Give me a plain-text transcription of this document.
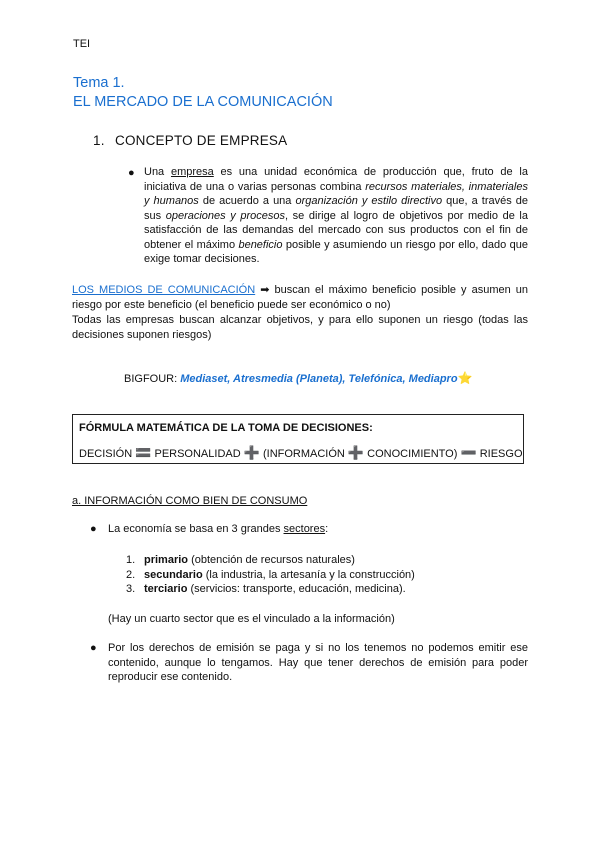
TEI
Tema 1.
EL MERCADO DE LA COMUNICACIÓN
1. CONCEPTO DE EMPRESA
● Una empresa es una unidad económica de producción que, fruto de la iniciativa de una o varias personas combina recursos materiales, inmateriales y humanos de acuerdo a una organización y estilo directivo que, a través de sus operaciones y procesos, se dirige al logro de objetivos por medio de la satisfacción de las demandas del mercado con sus productos con el fin de obtener el máximo beneficio posible y asumiendo un riesgo por ello, dado que exige tomar decisiones.
LOS MEDIOS DE COMUNICACIÓN ➡ buscan el máximo beneficio posible y asumen un riesgo por este beneficio (el beneficio puede ser económico o no)
Todas las empresas buscan alcanzar objetivos, y para ello suponen un riesgo (todas las decisiones suponen riesgos)
BIGFOUR: Mediaset, Atresmedia (Planeta), Telefónica, Mediapro⭐
FÓRMULA MATEMÁTICA DE LA TOMA DE DECISIONES:
DECISIÓN 🟰 PERSONALIDAD ➕ (INFORMACIÓN ➕ CONOCIMIENTO) ➖ RIESGO
a. INFORMACIÓN COMO BIEN DE CONSUMO
● La economía se basa en 3 grandes sectores:
1. primario (obtención de recursos naturales)
2. secundario (la industria, la artesanía y la construcción)
3. terciario (servicios: transporte, educación, medicina).
(Hay un cuarto sector que es el vinculado a la información)
● Por los derechos de emisión se paga y si no los tenemos no podemos emitir ese contenido, aunque lo tengamos. Hay que tener derechos de emisión para poder reproducir ese contenido.
